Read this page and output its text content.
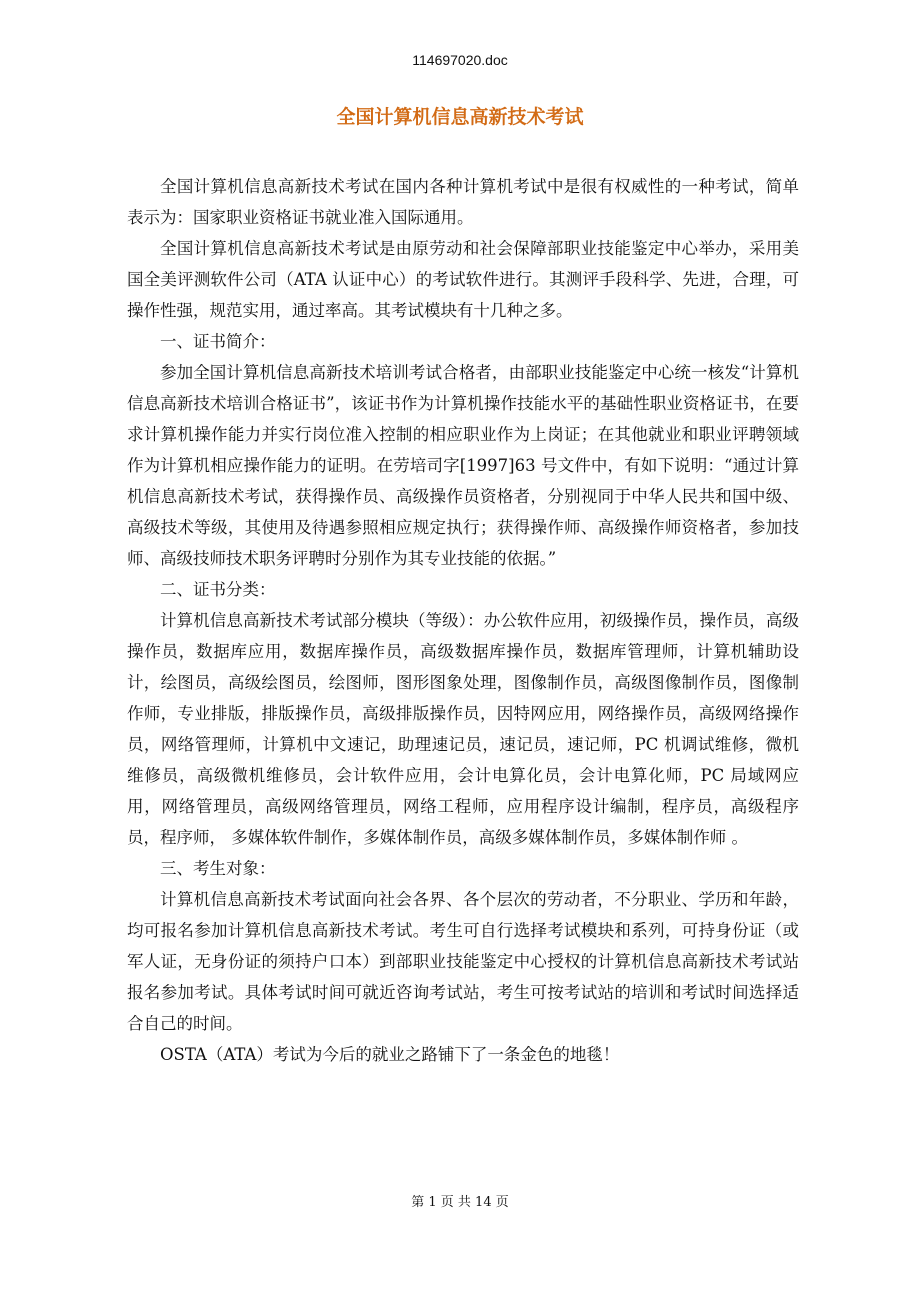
114697020.doc
全国计算机信息高新技术考试

全国计算机信息高新技术考试在国内各种计算机考试中是很有权威性的一种考试，简单表示为：国家职业资格证书就业准入国际通用。

全国计算机信息高新技术考试是由原劳动和社会保障部职业技能鉴定中心举办，采用美国全美评测软件公司（ATA 认证中心）的考试软件进行。其测评手段科学、先进，合理，可操作性强，规范实用，通过率高。其考试模块有十几种之多。

一、证书简介：

参加全国计算机信息高新技术培训考试合格者，由部职业技能鉴定中心统一核发“计算机信息高新技术培训合格证书”，该证书作为计算机操作技能水平的基础性职业资格证书，在要求计算机操作能力并实行岗位准入控制的相应职业作为上岗证；在其他就业和职业评聘领域作为计算机相应操作能力的证明。在劳培司字[1997]63 号文件中，有如下说明：“通过计算机信息高新技术考试，获得操作员、高级操作员资格者，分别视同于中华人民共和国中级、高级技术等级，其使用及待遇参照相应规定执行；获得操作师、高级操作师资格者，参加技师、高级技师技术职务评聘时分别作为其专业技能的依据。”

二、证书分类：

计算机信息高新技术考试部分模块（等级）：办公软件应用，初级操作员，操作员，高级操作员，数据库应用，数据库操作员，高级数据库操作员，数据库管理师，计算机辅助设计，绘图员，高级绘图员，绘图师，图形图象处理，图像制作员，高级图像制作员，图像制作师，专业排版，排版操作员，高级排版操作员，因特网应用，网络操作员，高级网络操作员，网络管理师，计算机中文速记，助理速记员，速记员，速记师，PC 机调试维修，微机维修员，高级微机维修员，会计软件应用，会计电算化员，会计电算化师，PC 局域网应用，网络管理员，高级网络管理员，网络工程师，应用程序设计编制，程序员，高级程序员，程序师， 多媒体软件制作，多媒体制作员，高级多媒体制作员，多媒体制作师 。

三、考生对象：

计算机信息高新技术考试面向社会各界、各个层次的劳动者，不分职业、学历和年龄，均可报名参加计算机信息高新技术考试。考生可自行选择考试模块和系列，可持身份证（或军人证，无身份证的须持户口本）到部职业技能鉴定中心授权的计算机信息高新技术考试站报名参加考试。具体考试时间可就近咨询考试站，考生可按考试站的培训和考试时间选择适合自己的时间。

OSTA（ATA）考试为今后的就业之路铺下了一条金色的地毯！

第 1 页 共 14 页
